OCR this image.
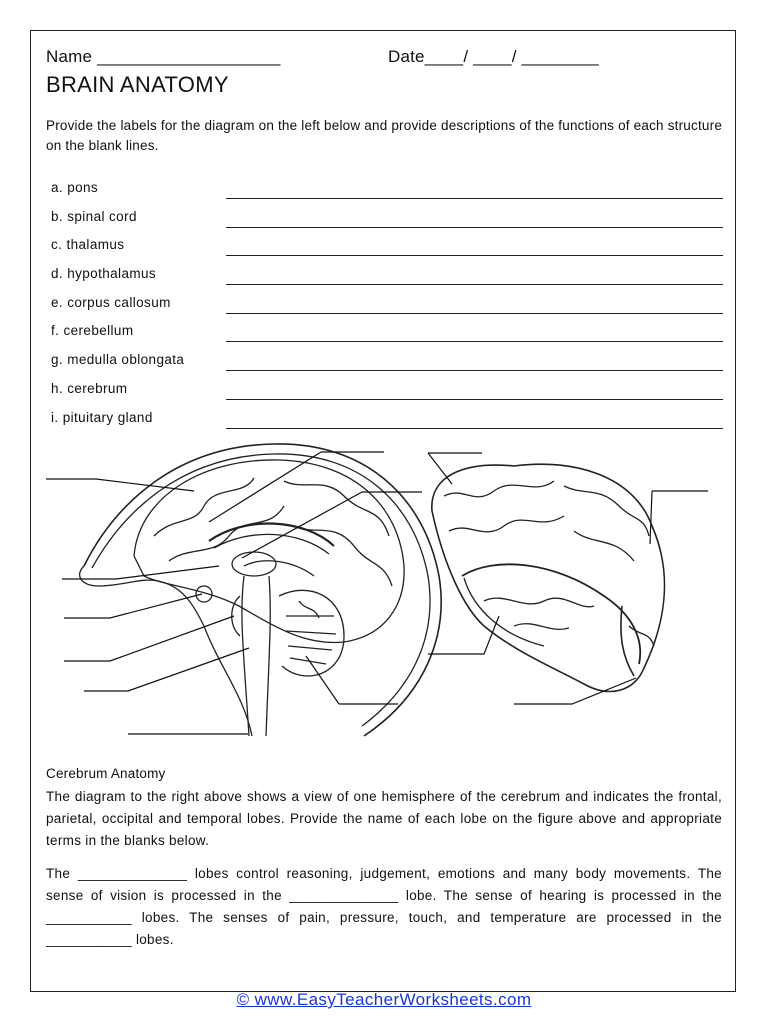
Name ___________________	Date____/ ____/ ________
BRAIN ANATOMY
Provide the labels for the diagram on the left below and provide descriptions of the functions of each structure on the blank lines.
a. pons
b. spinal cord
c. thalamus
d. hypothalamus
e. corpus callosum
f. cerebellum
g. medulla oblongata
h. cerebrum
i. pituitary gland
Cerebrum Anatomy
The diagram to the right above shows a view of one hemisphere of the cerebrum and indicates the frontal, parietal, occipital and temporal lobes. Provide the name of each lobe on the figure above and appropriate terms in the blanks below.
The ______________ lobes control reasoning, judgement, emotions and many body movements. The sense of vision is processed in the ______________ lobe. The sense of hearing is processed in the ___________ lobes. The senses of pain, pressure, touch, and temperature are processed in the ___________ lobes.
© www.EasyTeacherWorksheets.com
